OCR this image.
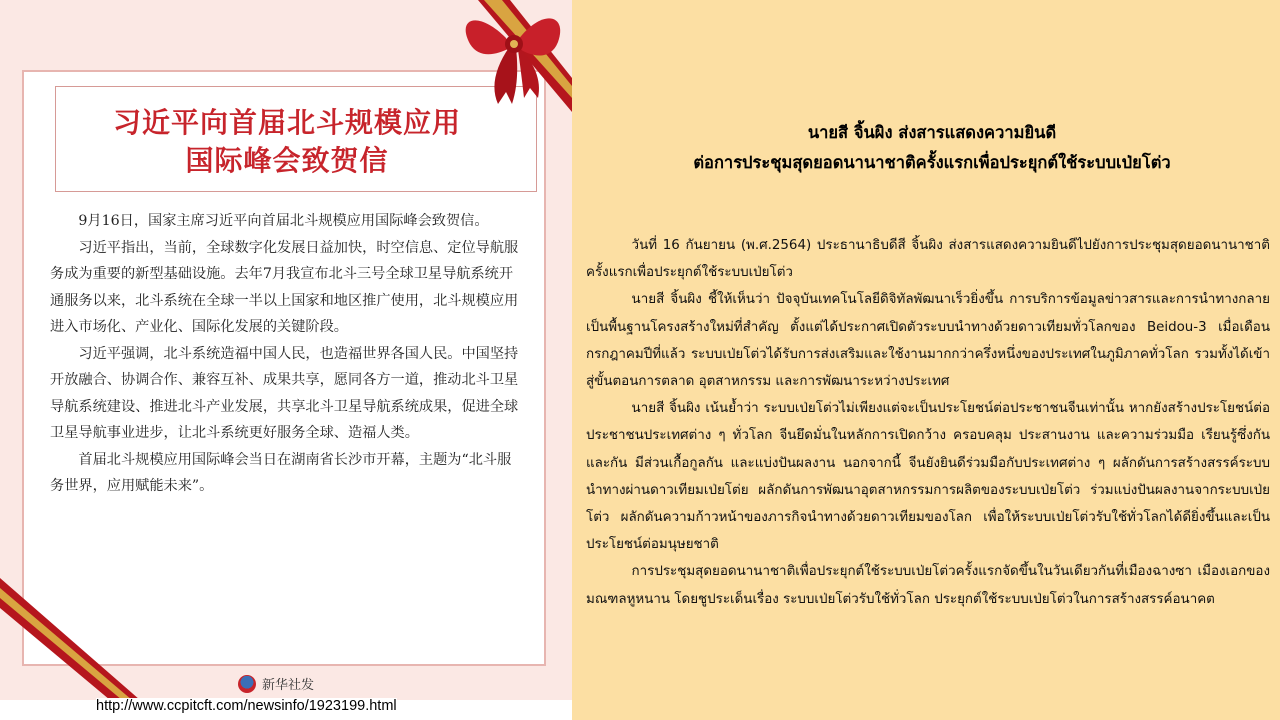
习近平向首届北斗规模应用
国际峰会致贺信

9月16日，国家主席习近平向首届北斗规模应用国际峰会致贺信。

习近平指出，当前，全球数字化发展日益加快，时空信息、定位导航服务成为重要的新型基础设施。去年7月我宣布北斗三号全球卫星导航系统开通服务以来，北斗系统在全球一半以上国家和地区推广使用，北斗规模应用进入市场化、产业化、国际化发展的关键阶段。

习近平强调，北斗系统造福中国人民，也造福世界各国人民。中国坚持开放融合、协调合作、兼容互补、成果共享，愿同各方一道，推动北斗卫星导航系统建设、推进北斗产业发展，共享北斗卫星导航系统成果，促进全球卫星导航事业进步，让北斗系统更好服务全球、造福人类。

首届北斗规模应用国际峰会当日在湖南省长沙市开幕，主题为“北斗服务世界，应用赋能未来”。

新华社发
http://www.ccpitcft.com/newsinfo/1923199.html
นายสี จิ้นผิง ส่งสารแสดงความยินดี
ต่อการประชุมสุดยอดนานาชาติครั้งแรกเพื่อประยุกต์ใช้ระบบเป่ยโต่ว

วันที่ 16 กันยายน (พ.ศ.2564) ประธานาธิบดีสี จิ้นผิง ส่งสารแสดงความยินดีไปยังการประชุมสุดยอดนานาชาติครั้งแรกเพื่อประยุกต์ใช้ระบบเป่ยโต่ว

นายสี จิ้นผิง ชี้ให้เห็นว่า ปัจจุบันเทคโนโลยีดิจิทัลพัฒนาเร็วยิ่งขึ้น การบริการข้อมูลข่าวสารและการนำทางกลายเป็นพื้นฐานโครงสร้างใหม่ที่สำคัญ ตั้งแต่ได้ประกาศเปิดตัวระบบนำทางด้วยดาวเทียมทั่วโลกของ Beidou-3 เมื่อเดือนกรกฎาคมปีที่แล้ว ระบบเป่ยโต่วได้รับการส่งเสริมและใช้งานมากกว่าครึ่งหนึ่งของประเทศในภูมิภาคทั่วโลก รวมทั้งได้เข้าสู่ขั้นตอนการตลาด อุตสาหกรรม และการพัฒนาระหว่างประเทศ

นายสี จิ้นผิง เน้นย้ำว่า ระบบเป่ยโต่วไม่เพียงแต่จะเป็นประโยชน์ต่อประชาชนจีนเท่านั้น หากยังสร้างประโยชน์ต่อประชาชนประเทศต่าง ๆ ทั่วโลก จีนยึดมั่นในหลักการเปิดกว้าง ครอบคลุม ประสานงาน และความร่วมมือ เรียนรู้ซึ่งกันและกัน มีส่วนเกื้อกูลกัน และแบ่งปันผลงาน นอกจากนี้ จีนยังยินดีร่วมมือกับประเทศต่าง ๆ ผลักดันการสร้างสรรค์ระบบนำทางผ่านดาวเทียมเป่ยโต่ย ผลักดันการพัฒนาอุตสาหกรรมการผลิตของระบบเป่ยโต่ว ร่วมแบ่งปันผลงานจากระบบเป่ยโต่ว ผลักดันความก้าวหน้าของภารกิจนำทางด้วยดาวเทียมของโลก เพื่อให้ระบบเป่ยโต่วรับใช้ทั่วโลกได้ดียิ่งขึ้นและเป็นประโยชน์ต่อมนุษยชาติ

การประชุมสุดยอดนานาชาติเพื่อประยุกต์ใช้ระบบเป่ยโต่วครั้งแรกจัดขึ้นในวันเดียวกันที่เมืองฉางซา เมืองเอกของมณฑลหูหนาน โดยชูประเด็นเรื่อง ระบบเป่ยโต่วรับใช้ทั่วโลก ประยุกต์ใช้ระบบเป่ยโต่วในการสร้างสรรค์อนาคต
